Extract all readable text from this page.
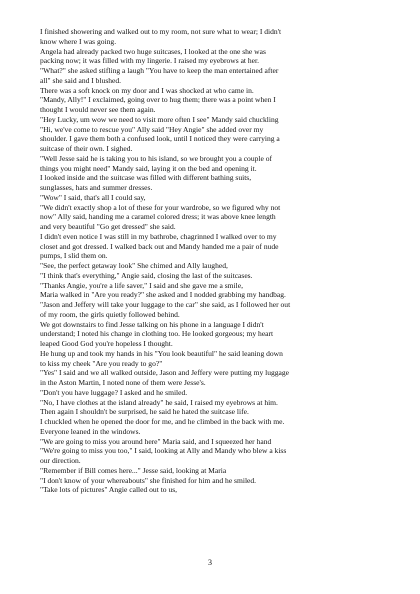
I finished showering and walked out to my room, not sure what to wear; I didn't
know where I was going.
Angela had already packed two huge suitcases, I looked at the one she was
packing now; it was filled with my lingerie. I raised my eyebrows at her.
"What?" she asked stifling a laugh "You have to keep the man entertained after
all" she said and I blushed.
There was a soft knock on my door and I was shocked at who came in.
"Mandy, Ally!" I exclaimed, going over to hug them; there was a point when I
thought I would never see them again.
"Hey Lucky, um wow we need to visit more often I see" Mandy said chuckling
"Hi, we've come to rescue you" Ally said "Hey Angie" she added over my
shoulder. I gave them both a confused look, until I noticed they were carrying a
suitcase of their own. I sighed.
"Well Jesse said he is taking you to his island, so we brought you a couple of
things you might need" Mandy said, laying it on the bed and opening it.
I looked inside and the suitcase was filled with different bathing suits,
sunglasses, hats and summer dresses.
"Wow" I said, that's all I could say,
"We didn't exactly shop a lot of these for your wardrobe, so we figured why not
now" Ally said, handing me a caramel colored dress; it was above knee length
and very beautiful "Go get dressed" she said.
I didn't even notice I was still in my bathrobe, chagrinned I walked over to my
closet and got dressed. I walked back out and Mandy handed me a pair of nude
pumps, I slid them on.
"See, the perfect getaway look" She chimed and Ally laughed,
"I think that's everything," Angie said, closing the last of the suitcases.
"Thanks Angie, you're a life saver," I said and she gave me a smile,
Maria walked in "Are you ready?" she asked and I nodded grabbing my handbag.
"Jason and Jeffery will take your luggage to the car" she said, as I followed her out
of my room, the girls quietly followed behind.
We got downstairs to find Jesse talking on his phone in a language I didn't
understand; I noted his change in clothing too. He looked gorgeous; my heart
leaped Good God you're hopeless I thought.
He hung up and took my hands in his "You look beautiful" he said leaning down
to kiss my cheek "Are you ready to go?"
"Yes" I said and we all walked outside, Jason and Jeffery were putting my luggage
in the Aston Martin, I noted none of them were Jesse's.
"Don't you have luggage? I asked and he smiled.
"No, I have clothes at the island already" he said, I raised my eyebrows at him.
Then again I shouldn't be surprised, he said he hated the suitcase life.
I chuckled when he opened the door for me, and he climbed in the back with me.
Everyone leaned in the windows.
"We are going to miss you around here" Maria said, and I squeezed her hand
"We're going to miss you too," I said, looking at Ally and Mandy who blew a kiss
our direction.
"Remember if Bill comes here..." Jesse said, looking at Maria
"I don't know of your whereabouts" she finished for him and he smiled.
"Take lots of pictures" Angie called out to us,
3
